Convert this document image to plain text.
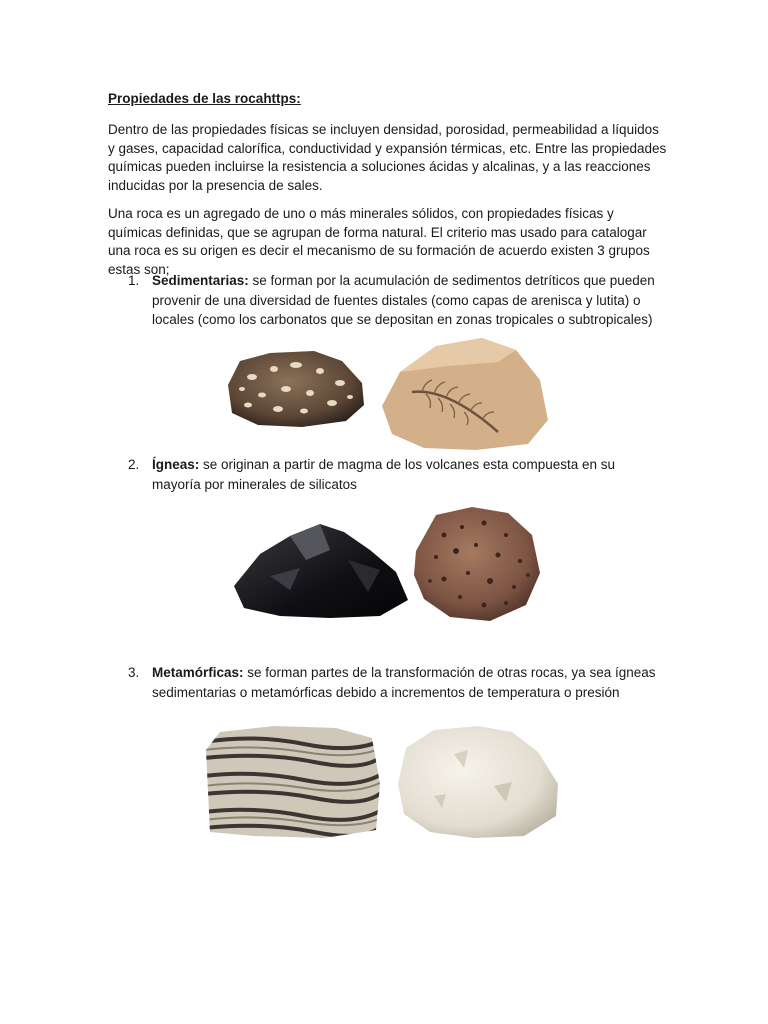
Propiedades de las rocahttps:

Dentro de las propiedades físicas se incluyen densidad, porosidad, permeabilidad a líquidos y gases, capacidad calorífica, conductividad y expansión térmicas, etc. Entre las propiedades químicas pueden incluirse la resistencia a soluciones ácidas y alcalinas, y a las reacciones inducidas por la presencia de sales.

Una roca es un agregado de uno o más minerales sólidos, con propiedades físicas y químicas definidas, que se agrupan de forma natural. El criterio mas usado para catalogar una roca es su origen es decir el mecanismo de su formación de acuerdo existen 3 grupos estas son;

1. Sedimentarias: se forman por la acumulación de sedimentos detríticos que pueden provenir de una diversidad de fuentes distales (como capas de arenisca y lutita) o locales (como los carbonatos que se depositan en zonas tropicales o subtropicales)
2. Ígneas: se originan a partir de magma de los volcanes esta compuesta en su mayoría por minerales de silicatos
3. Metamórficas: se forman partes de la transformación de otras rocas, ya sea ígneas sedimentarias o metamórficas debido a incrementos de temperatura o presión
